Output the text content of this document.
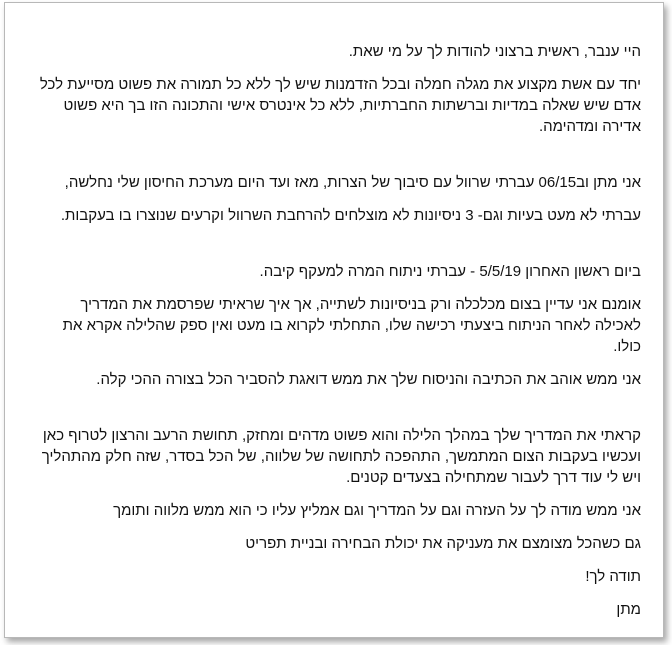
היי ענבר, ראשית ברצוני להודות לך על מי שאת.

יחד עם אשת מקצוע את מגלה חמלה ובכל הזדמנות שיש לך ללא כל תמורה את פשוט מסייעת לכל
אדם שיש שאלה במדיות וברשתות החברתיות, ללא כל אינטרס אישי והתכונה הזו בך היא פשוט
אדירה ומדהימה.

אני מתן וב06/15 עברתי שרוול עם סיבוך של הצרות, מאז ועד היום מערכת החיסון שלי נחלשה,

עברתי לא מעט בעיות וגם- 3 ניסיונות לא מוצלחים להרחבת השרוול וקרעים שנוצרו בו בעקבות.

ביום ראשון האחרון 5/5/19 - עברתי ניתוח המרה למעקף קיבה.

אומנם אני עדיין בצום מכלכלה ורק בניסיונות לשתייה, אך איך שראיתי שפרסמת את המדריך
לאכילה לאחר הניתוח ביצעתי רכישה שלו, התחלתי לקרוא בו מעט ואין ספק שהלילה אקרא את
כולו.

אני ממש אוהב את הכתיבה והניסוח שלך את ממש דואגת להסביר הכל בצורה ההכי קלה.

קראתי את המדריך שלך במהלך הלילה והוא פשוט מדהים ומחזק, תחושת הרעב והרצון לטרוף כאן
ועכשיו בעקבות הצום המתמשך, התהפכה לתחושה של שלווה, של הכל בסדר, שזה חלק מהתהליך
ויש לי עוד דרך לעבור שמתחילה בצעדים קטנים.

אני ממש מודה לך על העזרה וגם על המדריך וגם אמליץ עליו כי הוא ממש מלווה ותומך

גם כשהכל מצומצם את מעניקה את יכולת הבחירה ובניית תפריט

תודה לך!

מתן
